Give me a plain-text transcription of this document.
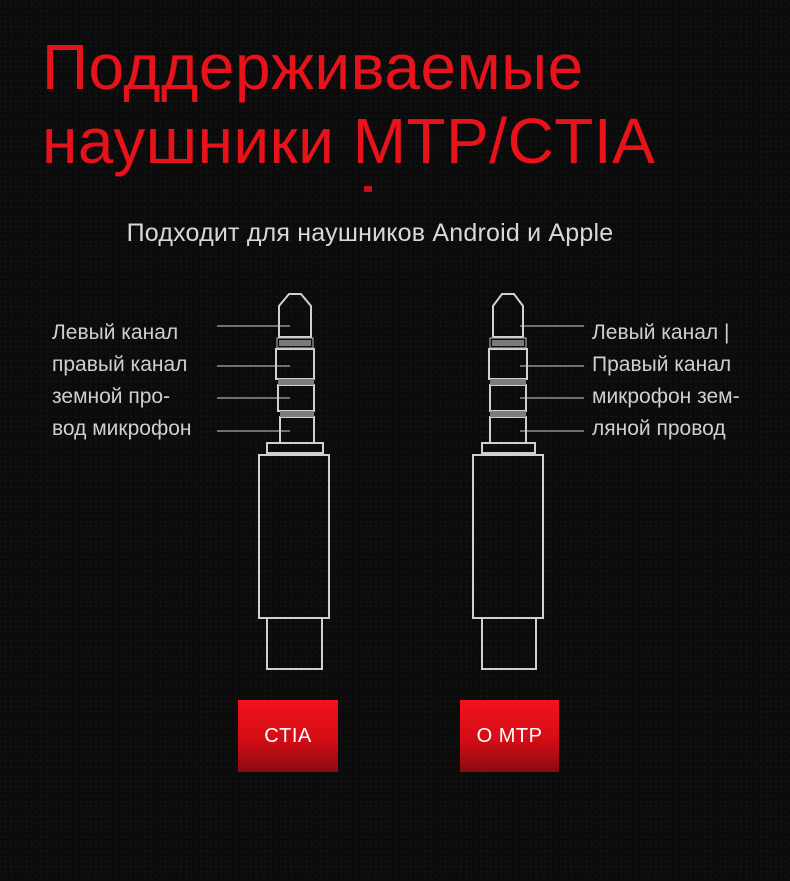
Поддерживаемые
наушники MTP/CTIA
Подходит для наушников Android и Apple
Левый канал
правый канал
земной про-
вод микрофон
Левый канал |
Правый канал
микрофон зем-
ляной провод
CTIA	O MTP
